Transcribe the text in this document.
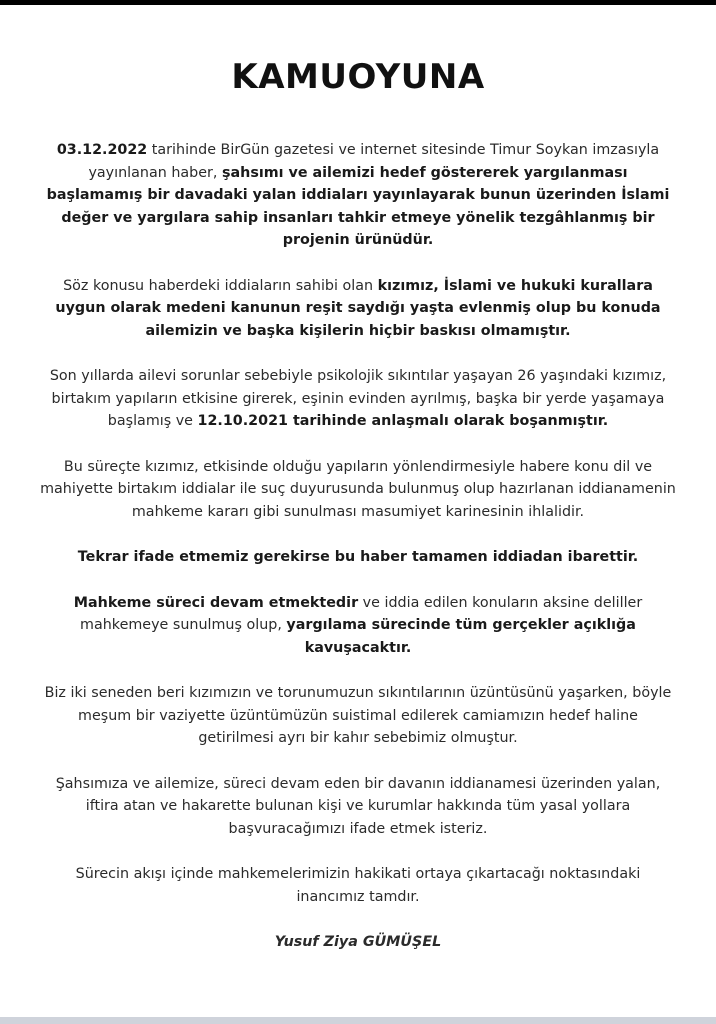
KAMUOYUNA

03.12.2022 tarihinde BirGün gazetesi ve internet sitesinde Timur Soykan imzasıyla yayınlanan haber, şahsımı ve ailemizi hedef göstererek yargılanması başlamamış bir davadaki yalan iddiaları yayınlayarak bunun üzerinden İslami değer ve yargılara sahip insanları tahkir etmeye yönelik tezgâhlanmış bir projenin ürünüdür.

Söz konusu haberdeki iddiaların sahibi olan kızımız, İslami ve hukuki kurallara uygun olarak medeni kanunun reşit saydığı yaşta evlenmiş olup bu konuda ailemizin ve başka kişilerin hiçbir baskısı olmamıştır.

Son yıllarda ailevi sorunlar sebebiyle psikolojik sıkıntılar yaşayan 26 yaşındaki kızımız, birtakım yapıların etkisine girerek, eşinin evinden ayrılmış, başka bir yerde yaşamaya başlamış ve 12.10.2021 tarihinde anlaşmalı olarak boşanmıştır.

Bu süreçte kızımız, etkisinde olduğu yapıların yönlendirmesiyle habere konu dil ve mahiyette birtakım iddialar ile suç duyurusunda bulunmuş olup hazırlanan iddianamenin mahkeme kararı gibi sunulması masumiyet karinesinin ihlalidir.

Tekrar ifade etmemiz gerekirse bu haber tamamen iddiadan ibarettir.

Mahkeme süreci devam etmektedir ve iddia edilen konuların aksine deliller mahkemeye sunulmuş olup, yargılama sürecinde tüm gerçekler açıklığa kavuşacaktır.

Biz iki seneden beri kızımızın ve torunumuzun sıkıntılarının üzüntüsünü yaşarken, böyle meşum bir vaziyette üzüntümüzün suistimal edilerek camiamızın hedef haline getirilmesi ayrı bir kahır sebebimiz olmuştur.

Şahsımıza ve ailemize, süreci devam eden bir davanın iddianamesi üzerinden yalan, iftira atan ve hakarette bulunan kişi ve kurumlar hakkında tüm yasal yollara başvuracağımızı ifade etmek isteriz.

Sürecin akışı içinde mahkemelerimizin hakikati ortaya çıkartacağı noktasındaki inancımız tamdır.

Yusuf Ziya GÜMÜŞEL
